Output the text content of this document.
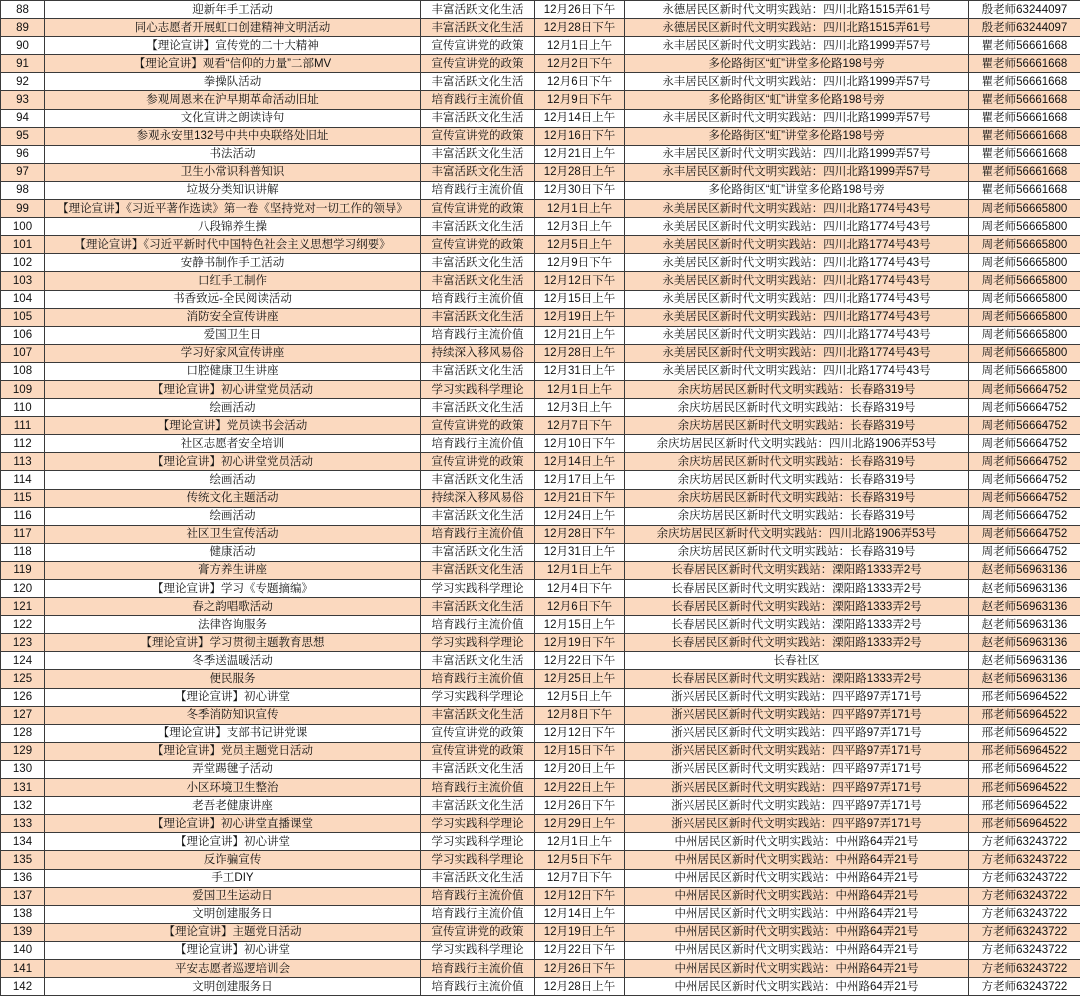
88	迎新年手工活动	丰富活跃文化生活	12月26日下午	永德居民区新时代文明实践站：四川北路1515弄61号	殷老师63244097
89	同心志愿者开展虹口创建精神文明活动	丰富活跃文化生活	12月28日下午	永德居民区新时代文明实践站：四川北路1515弄61号	殷老师63244097
90	【理论宣讲】宣传党的二十大精神	宣传宣讲党的政策	12月1日上午	永丰居民区新时代文明实践站：四川北路1999弄57号	瞿老师56661668
91	【理论宣讲】观看“信仰的力量”二部MV	宣传宣讲党的政策	12月2日下午	多伦路街区“虹”讲堂多伦路198号旁	瞿老师56661668
92	拳操队活动	丰富活跃文化生活	12月6日下午	永丰居民区新时代文明实践站：四川北路1999弄57号	瞿老师56661668
93	参观周恩来在沪早期革命活动旧址	培育践行主流价值	12月9日下午	多伦路街区“虹”讲堂多伦路198号旁	瞿老师56661668
94	文化宣讲之朗读诗句	丰富活跃文化生活	12月14日上午	永丰居民区新时代文明实践站：四川北路1999弄57号	瞿老师56661668
95	参观永安里132号中共中央联络处旧址	宣传宣讲党的政策	12月16日下午	多伦路街区“虹”讲堂多伦路198号旁	瞿老师56661668
96	书法活动	丰富活跃文化生活	12月21日上午	永丰居民区新时代文明实践站：四川北路1999弄57号	瞿老师56661668
97	卫生小常识科普知识	丰富活跃文化生活	12月28日上午	永丰居民区新时代文明实践站：四川北路1999弄57号	瞿老师56661668
98	垃圾分类知识讲解	培育践行主流价值	12月30日下午	多伦路街区“虹”讲堂多伦路198号旁	瞿老师56661668
99	【理论宣讲】《习近平著作选读》第一卷《坚持党对一切工作的领导》	宣传宣讲党的政策	12月1日上午	永美居民区新时代文明实践站：四川北路1774号43号	周老师56665800
100	八段锦养生操	丰富活跃文化生活	12月3日上午	永美居民区新时代文明实践站：四川北路1774号43号	周老师56665800
101	【理论宣讲】《习近平新时代中国特色社会主义思想学习纲要》	宣传宣讲党的政策	12月5日上午	永美居民区新时代文明实践站：四川北路1774号43号	周老师56665800
102	安静书制作手工活动	丰富活跃文化生活	12月9日下午	永美居民区新时代文明实践站：四川北路1774号43号	周老师56665800
103	口红手工制作	丰富活跃文化生活	12月12日下午	永美居民区新时代文明实践站：四川北路1774号43号	周老师56665800
104	书香致远-全民阅读活动	培育践行主流价值	12月15日上午	永美居民区新时代文明实践站：四川北路1774号43号	周老师56665800
105	消防安全宣传讲座	丰富活跃文化生活	12月19日上午	永美居民区新时代文明实践站：四川北路1774号43号	周老师56665800
106	爱国卫生日	培育践行主流价值	12月21日上午	永美居民区新时代文明实践站：四川北路1774号43号	周老师56665800
107	学习好家风宣传讲座	持续深入移风易俗	12月28日上午	永美居民区新时代文明实践站：四川北路1774号43号	周老师56665800
108	口腔健康卫生讲座	丰富活跃文化生活	12月31日上午	永美居民区新时代文明实践站：四川北路1774号43号	周老师56665800
109	【理论宣讲】初心讲堂党员活动	学习实践科学理论	12月1日上午	余庆坊居民区新时代文明实践站：长春路319号	周老师56664752
110	绘画活动	丰富活跃文化生活	12月3日上午	余庆坊居民区新时代文明实践站：长春路319号	周老师56664752
111	【理论宣讲】党员读书会活动	宣传宣讲党的政策	12月7日下午	余庆坊居民区新时代文明实践站：长春路319号	周老师56664752
112	社区志愿者安全培训	培育践行主流价值	12月10日下午	余庆坊居民区新时代文明实践站：四川北路1906弄53号	周老师56664752
113	【理论宣讲】初心讲堂党员活动	宣传宣讲党的政策	12月14日上午	余庆坊居民区新时代文明实践站：长春路319号	周老师56664752
114	绘画活动	丰富活跃文化生活	12月17日上午	余庆坊居民区新时代文明实践站：长春路319号	周老师56664752
115	传统文化主题活动	持续深入移风易俗	12月21日下午	余庆坊居民区新时代文明实践站：长春路319号	周老师56664752
116	绘画活动	丰富活跃文化生活	12月24日上午	余庆坊居民区新时代文明实践站：长春路319号	周老师56664752
117	社区卫生宣传活动	培育践行主流价值	12月28日下午	余庆坊居民区新时代文明实践站：四川北路1906弄53号	周老师56664752
118	健康活动	丰富活跃文化生活	12月31日上午	余庆坊居民区新时代文明实践站：长春路319号	周老师56664752
119	膏方养生讲座	丰富活跃文化生活	12月1日上午	长春居民区新时代文明实践站：溧阳路1333弄2号	赵老师56963136
120	【理论宣讲】学习《专题摘编》	学习实践科学理论	12月4日下午	长春居民区新时代文明实践站：溧阳路1333弄2号	赵老师56963136
121	春之韵唱歌活动	丰富活跃文化生活	12月6日下午	长春居民区新时代文明实践站：溧阳路1333弄2号	赵老师56963136
122	法律咨询服务	培育践行主流价值	12月15日上午	长春居民区新时代文明实践站：溧阳路1333弄2号	赵老师56963136
123	【理论宣讲】学习贯彻主题教育思想	学习实践科学理论	12月19日下午	长春居民区新时代文明实践站：溧阳路1333弄2号	赵老师56963136
124	冬季送温暖活动	丰富活跃文化生活	12月22日下午	长春社区	赵老师56963136
125	便民服务	培育践行主流价值	12月25日上午	长春居民区新时代文明实践站：溧阳路1333弄2号	赵老师56963136
126	【理论宣讲】初心讲堂	学习实践科学理论	12月5日上午	浙兴居民区新时代文明实践站：四平路97弄171号	邢老师56964522
127	冬季消防知识宣传	丰富活跃文化生活	12月8日下午	浙兴居民区新时代文明实践站：四平路97弄171号	邢老师56964522
128	【理论宣讲】支部书记讲党课	宣传宣讲党的政策	12月12日下午	浙兴居民区新时代文明实践站：四平路97弄171号	邢老师56964522
129	【理论宣讲】党员主题党日活动	宣传宣讲党的政策	12月15日下午	浙兴居民区新时代文明实践站：四平路97弄171号	邢老师56964522
130	弄堂踢毽子活动	丰富活跃文化生活	12月20日上午	浙兴居民区新时代文明实践站：四平路97弄171号	邢老师56964522
131	小区环境卫生整治	培育践行主流价值	12月22日上午	浙兴居民区新时代文明实践站：四平路97弄171号	邢老师56964522
132	老吾老健康讲座	丰富活跃文化生活	12月26日下午	浙兴居民区新时代文明实践站：四平路97弄171号	邢老师56964522
133	【理论宣讲】初心讲堂直播课堂	学习实践科学理论	12月29日上午	浙兴居民区新时代文明实践站：四平路97弄171号	邢老师56964522
134	【理论宣讲】初心讲堂	学习实践科学理论	12月1日上午	中州居民区新时代文明实践站：中州路64弄21号	方老师63243722
135	反诈骗宣传	学习实践科学理论	12月5日下午	中州居民区新时代文明实践站：中州路64弄21号	方老师63243722
136	手工DIY	丰富活跃文化生活	12月7日下午	中州居民区新时代文明实践站：中州路64弄21号	方老师63243722
137	爱国卫生运动日	培育践行主流价值	12月12日下午	中州居民区新时代文明实践站：中州路64弄21号	方老师63243722
138	文明创建服务日	培育践行主流价值	12月14日上午	中州居民区新时代文明实践站：中州路64弄21号	方老师63243722
139	【理论宣讲】主题党日活动	宣传宣讲党的政策	12月19日上午	中州居民区新时代文明实践站：中州路64弄21号	方老师63243722
140	【理论宣讲】初心讲堂	学习实践科学理论	12月22日下午	中州居民区新时代文明实践站：中州路64弄21号	方老师63243722
141	平安志愿者巡逻培训会	培育践行主流价值	12月26日下午	中州居民区新时代文明实践站：中州路64弄21号	方老师63243722
142	文明创建服务日	培育践行主流价值	12月28日上午	中州居民区新时代文明实践站：中州路64弄21号	方老师63243722
